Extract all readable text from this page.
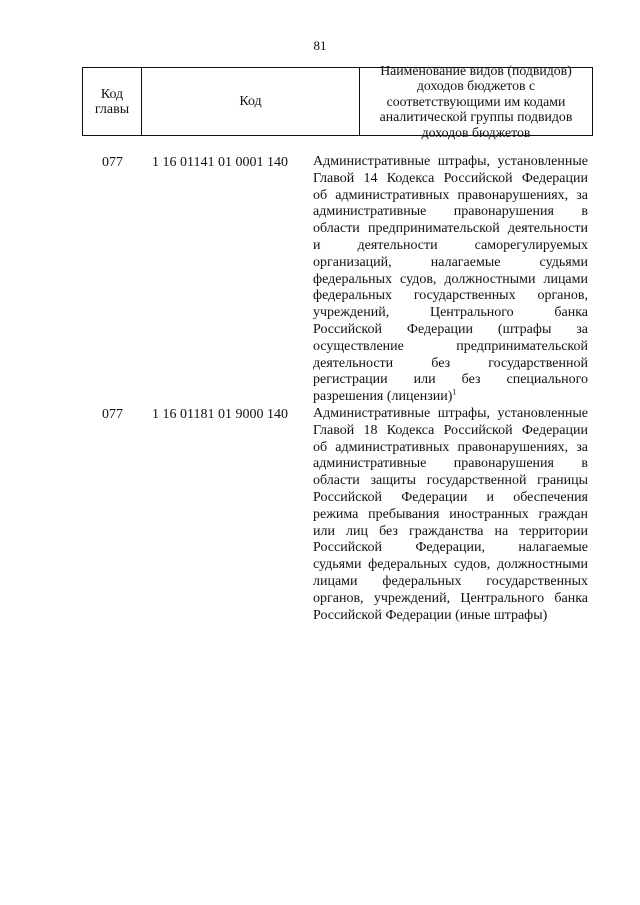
81
Код
главы	Код
Наименование видов (подвидов) доходов бюджетов с соответствующими им кодами аналитической группы подвидов доходов бюджетов
077 1 16 01141 01 0001 140 Административные штрафы, установленные
Главой 14 Кодекса Российской Федерации
об административных правонарушениях, за
административные правонарушения в
области предпринимательской деятельности
и деятельности саморегулируемых
организаций, налагаемые судьями
федеральных судов, должностными лицами
федеральных государственных органов,
учреждений, Центрального банка
Российской Федерации (штрафы за
осуществление предпринимательской
деятельности без государственной
регистрации или без специального
разрешения (лицензии)$^1$
077 1 16 01181 01 9000 140 Административные штрафы, установленные
Главой 18 Кодекса Российской Федерации
об административных правонарушениях, за
административные правонарушения в
области защиты государственной границы
Российской Федерации и обеспечения
режима пребывания иностранных граждан
или лиц без гражданства на территории
Российской Федерации, налагаемые
судьями федеральных судов, должностными
лицами федеральных государственных
органов, учреждений, Центрального банка
Российской Федерации (иные штрафы)
